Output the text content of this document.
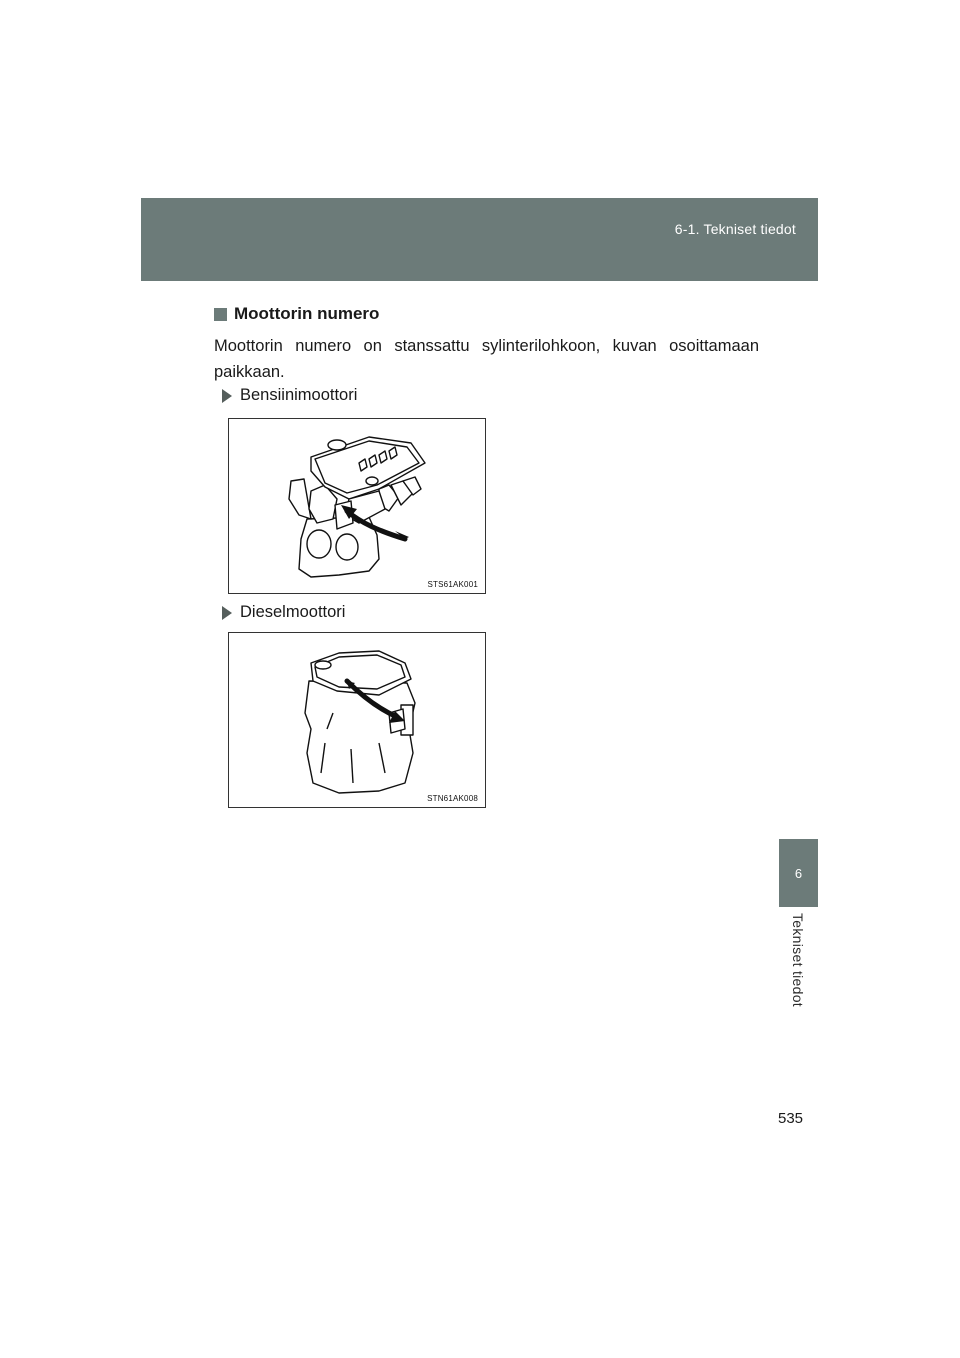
6-1. Tekniset tiedot
6
Tekniset tiedot

Moottorin numero

Moottorin numero on stanssattu sylinterilohkoon, kuvan osoittamaan paikkaan.

Bensiinimoottori

STS61AK001

Dieselmoottori

STN61AK008
535
